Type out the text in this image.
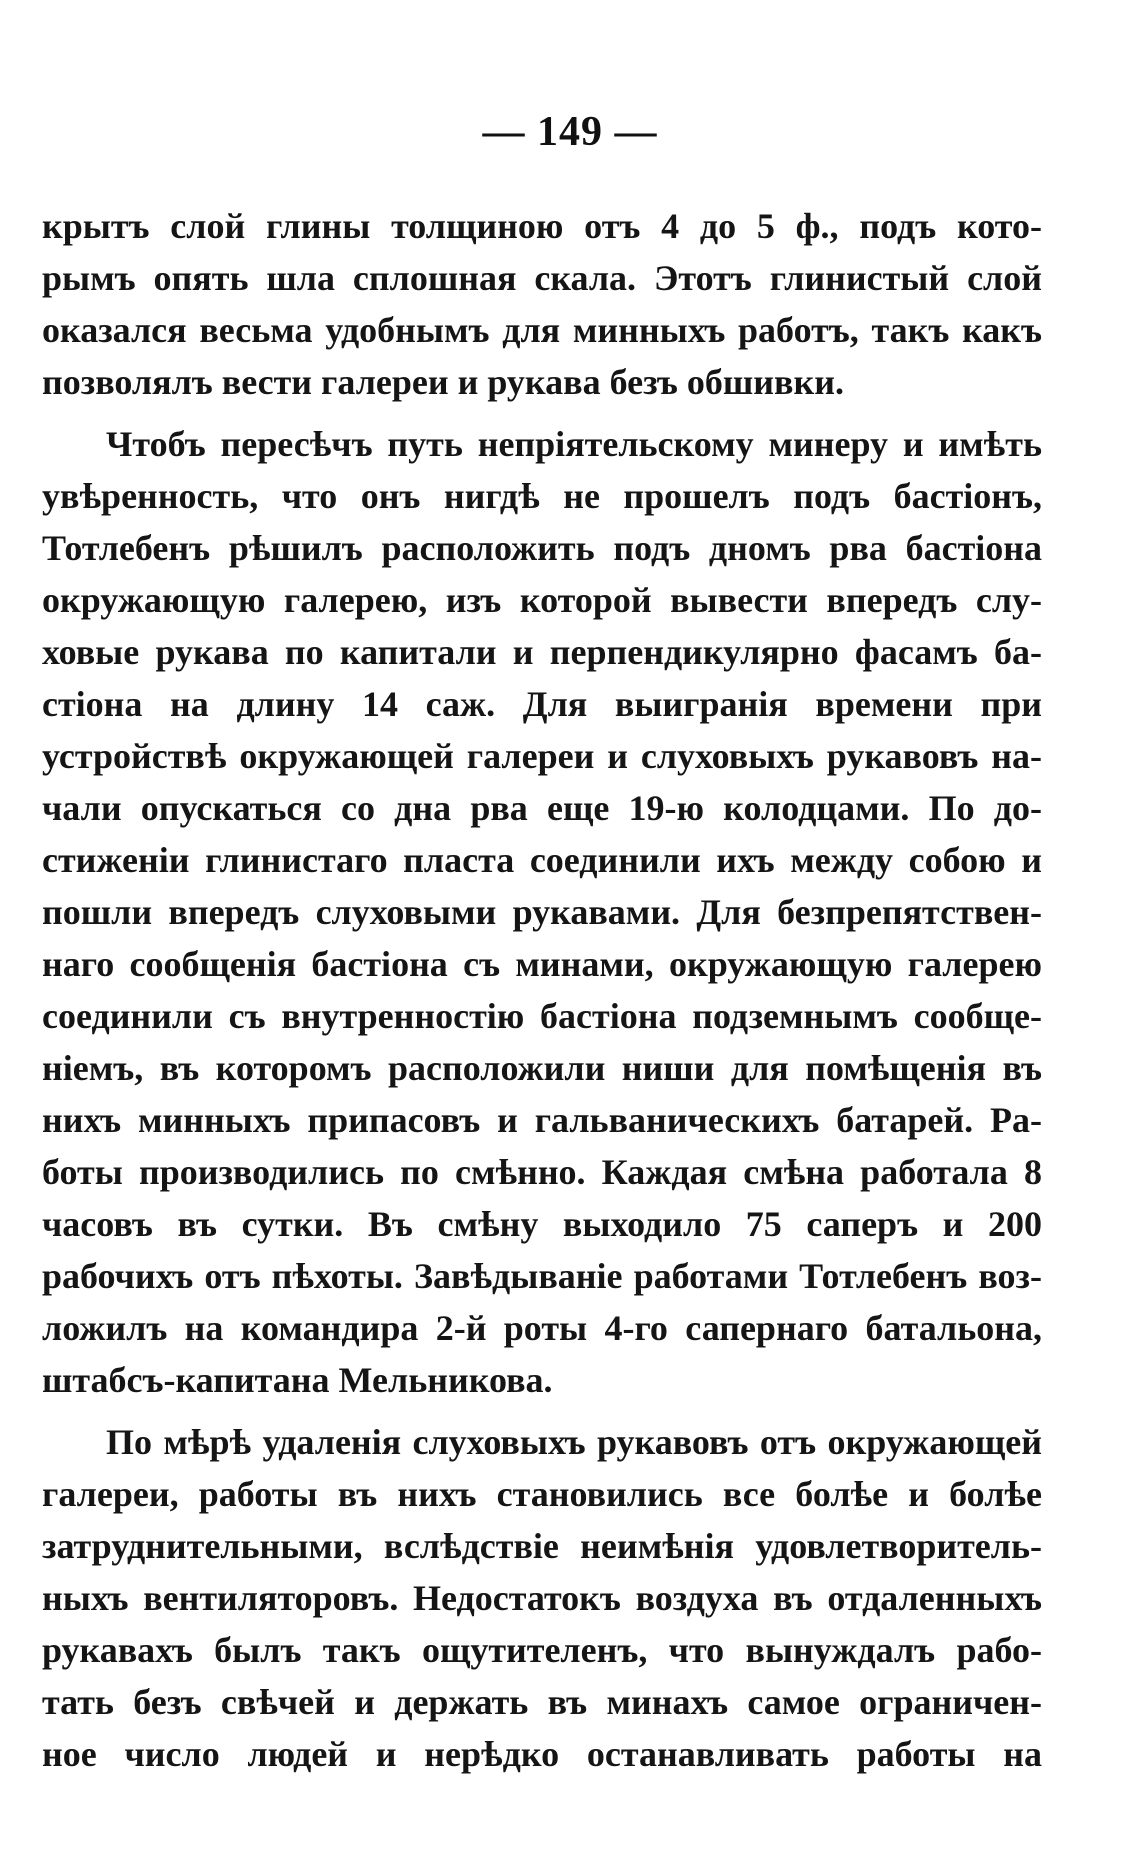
— 149 —
крытъ слой глины толщиною отъ 4 до 5 ф., подъ кото-
рымъ опять шла сплошная скала. Этотъ глинистый слой
оказался весьма удобнымъ для минныхъ работъ, такъ какъ
позволялъ вести галереи и рукава безъ обшивки.
Чтобъ пересѣчъ путь непріятельскому минеру и имѣть
увѣренность, что онъ нигдѣ не прошелъ подъ бастіонъ,
Тотлебенъ рѣшилъ расположить подъ дномъ рва бастіона
окружающую галерею, изъ которой вывести впередъ слу-
ховые рукава по капитали и перпендикулярно фасамъ ба-
стіона на длину 14 саж. Для выигранія времени при
устройствѣ окружающей галереи и слуховыхъ рукавовъ на-
чали опускаться со дна рва еще 19-ю колодцами. По до-
стиженіи глинистаго пласта соединили ихъ между собою и
пошли впередъ слуховыми рукавами. Для безпрепятствен-
наго сообщенія бастіона съ минами, окружающую галерею
соединили съ внутренностію бастіона подземнымъ сообще-
ніемъ, въ которомъ расположили ниши для помѣщенія въ
нихъ минныхъ припасовъ и гальваническихъ батарей. Ра-
боты производились по смѣнно. Каждая смѣна работала 8
часовъ въ сутки. Въ смѣну выходило 75 саперъ и 200
рабочихъ отъ пѣхоты. Завѣдываніе работами Тотлебенъ воз-
ложилъ на командира 2-й роты 4-го сапернаго батальона,
штабсъ-капитана Мельникова.
По мѣрѣ удаленія слуховыхъ рукавовъ отъ окружающей
галереи, работы въ нихъ становились все болѣе и болѣе
затруднительными, вслѣдствіе неимѣнія удовлетворитель-
ныхъ вентиляторовъ. Недостатокъ воздуха въ отдаленныхъ
рукавахъ былъ такъ ощутителенъ, что вынуждалъ рабо-
тать безъ свѣчей и держать въ минахъ самое ограничен-
ное число людей и нерѣдко останавливать работы на
